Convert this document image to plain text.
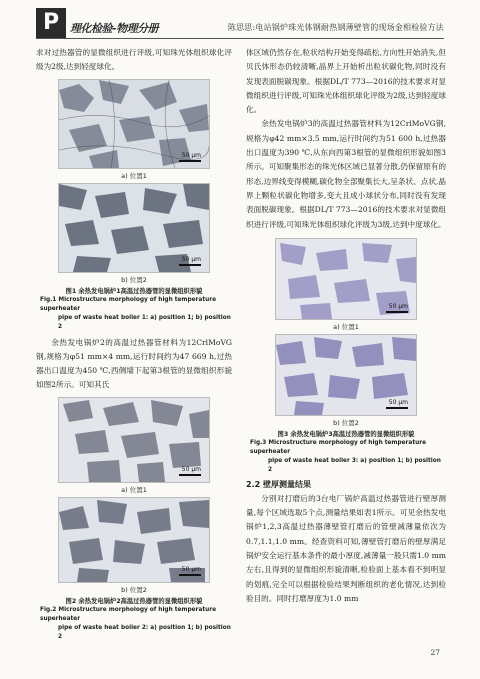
P 理化检验-物理分册	陈思思:电站锅炉珠光体钢耐热钢薄壁管的现场金相检验方法

求对过热器管的显微组织进行评级,可知珠光体组织球化评级为2级,达到轻度球化。

50 μm
a) 位置1
50 μm
b) 位置2
图1 余热发电锅炉1高温过热器管的显微组织形貌
Fig.1 Microstructure morphology of high temperature superheater
pipe of waste heat boiler 1: a) position 1; b) position 2

余热发电锅炉2的高温过热器管材料为12CrlMoVG钢,规格为φ51 mm×4 mm,运行时间约为47 669 h,过热器出口温度为450 ℃,西侧墙下起第3根管的显微组织形貌如图2所示。可知其氏

50 μm
a) 位置1
50 μm
b) 位置2
图2 余热发电锅炉2高温过热器管的显微组织形貌
Fig.2 Microstructure morphology of high temperature superheater
pipe of waste heat boiler 2: a) position 1; b) position 2

体区域仍然存在,粒状结构开始变得疏松,方向性开始消失,但贝氏体形态仍较清晰,晶界上开始析出粒状碳化物,同时没有发现表面脱碳现象。根据DL/T 773—2016的技术要求对显微组织进行评级,可知珠光体组织球化评级为2级,达到轻度球化。

余热发电锅炉3的高温过热器管材料为12CrlMoVG钢,规格为φ42 mm×3.5 mm,运行时间约为51 600 h,过热器出口温度为390 ℃,从东向西第3根管的显微组织形貌如图3所示。可知聚集形态的珠光体区域已显著分散,仍保留原有的形态,边界线变得模糊,碳化物全部聚集长大,呈条状、点状,晶界上颗粒状碳化物增多,变大且成小球状分布,同时没有发现表面脱碳现象。根据DL/T 773—2016的技术要求对显微组织进行评级,可知珠光体组织球化评级为3级,达到中度球化。

50 μm
a) 位置1
50 μm
b) 位置2
图3 余热发电锅炉3高温过热器管的显微组织形貌
Fig.3 Microstructure morphology of high temperature superheater
pipe of waste heat boiler 3: a) position 1; b) position 2
2.2 壁厚测量结果

分别对打磨后的3台电厂锅炉高温过热器管进行壁厚测量,每个区域选取5个点,测量结果如表1所示。可见余热发电锅炉1,2,3高温过热器薄壁管打磨后的管壁减薄量依次为0.7,1.1,1.0 mm。经查资料可知,薄壁管打磨后的壁厚满足锅炉安全运行基本条件的最小厚度,减薄量一般只需1.0 mm左右,且得到的显微组织形貌清晰,检验面上基本看不到明显的划痕,完全可以根据检验结果判断组织的老化情况,达到检验目的。同时打磨厚度为1.0 mm

27
